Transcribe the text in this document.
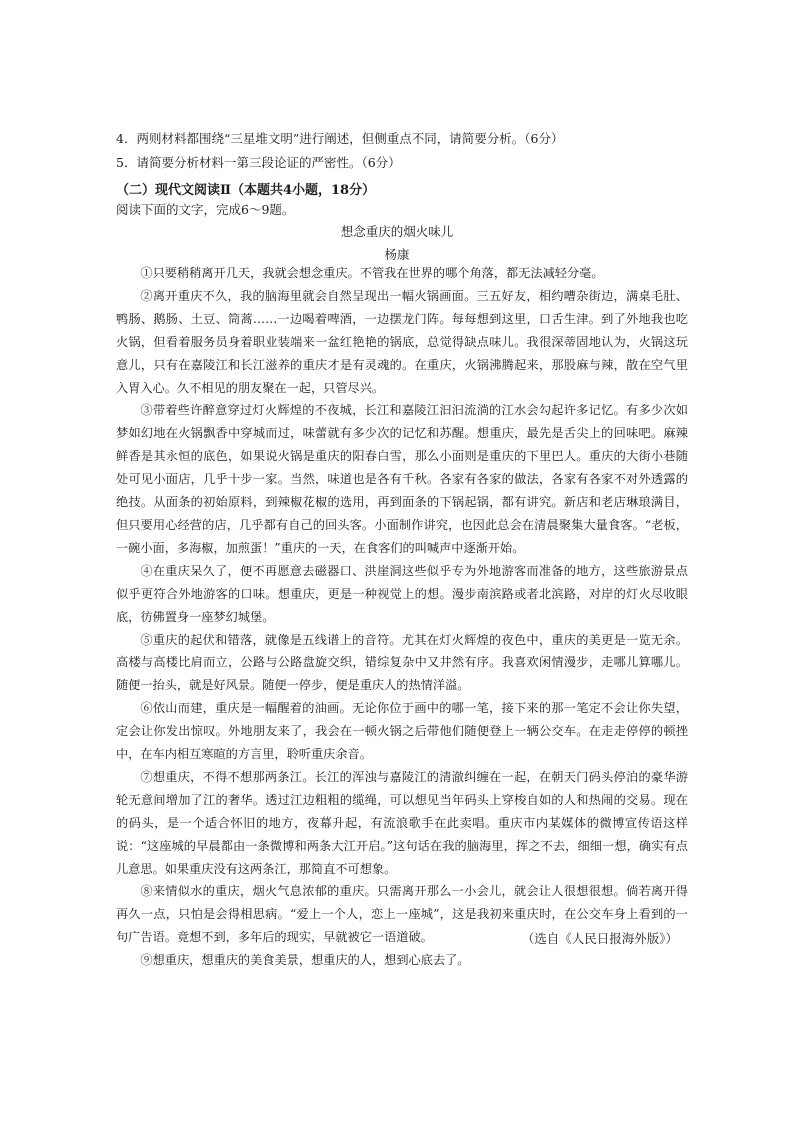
4．两则材料都围绕“三星堆文明”进行阐述，但侧重点不同，请简要分析。（6分）
5．请简要分析材料一第三段论证的严密性。（6分）
（二）现代文阅读Ⅱ（本题共4小题，18分）
阅读下面的文字，完成6～9题。
想念重庆的烟火味儿
杨康

①只要稍稍离开几天，我就会想念重庆。不管我在世界的哪个角落，都无法减轻分毫。

②离开重庆不久，我的脑海里就会自然呈现出一幅火锅画面。三五好友，相约嘈杂街边，满桌毛肚、鸭肠、鹅肠、土豆、筒蒿……一边喝着啤酒，一边摆龙门阵。每每想到这里，口舌生津。到了外地我也吃火锅，但看着服务员身着职业装端来一盆红艳艳的锅底，总觉得缺点味儿。我很深蒂固地认为，火锅这玩意儿，只有在嘉陵江和长江滋养的重庆才是有灵魂的。在重庆，火锅沸腾起来，那股麻与辣，散在空气里入胃入心。久不相见的朋友聚在一起，只管尽兴。

③带着些许醉意穿过灯火辉煌的不夜城，长江和嘉陵江汩汩流淌的江水会勾起许多记忆。有多少次如梦如幻地在火锅飘香中穿城而过，味蕾就有多少次的记忆和苏醒。想重庆，最先是舌尖上的回味吧。麻辣鲜香是其永恒的底色，如果说火锅是重庆的阳春白雪，那么小面则是重庆的下里巴人。重庆的大街小巷随处可见小面店，几乎十步一家。当然，味道也是各有千秋。各家有各家的做法，各家有各家不对外透露的绝技。从面条的初始原料，到辣椒花椒的选用，再到面条的下锅起锅，都有讲究。新店和老店琳琅满目，但只要用心经营的店，几乎都有自己的回头客。小面制作讲究，也因此总会在清晨聚集大量食客。“老板，一碗小面，多海椒，加煎蛋！”重庆的一天，在食客们的叫喊声中逐渐开始。

④在重庆呆久了，便不再愿意去磁器口、洪崖洞这些似乎专为外地游客而准备的地方，这些旅游景点似乎更符合外地游客的口味。想重庆，更是一种视觉上的想。漫步南滨路或者北滨路，对岸的灯火尽收眼底，彷佛置身一座梦幻城堡。

⑤重庆的起伏和错落，就像是五线谱上的音符。尤其在灯火辉煌的夜色中，重庆的美更是一览无余。高楼与高楼比肩而立，公路与公路盘旋交织，错综复杂中又井然有序。我喜欢闲情漫步，走哪儿算哪儿。随便一抬头，就是好风景。随便一停步，便是重庆人的热情洋溢。

⑥依山而建，重庆是一幅醒着的油画。无论你位于画中的哪一笔，接下来的那一笔定不会让你失望，定会让你发出惊叹。外地朋友来了，我会在一顿火锅之后带他们随便登上一辆公交车。在走走停停的顿挫中，在车内相互寒暄的方言里，聆听重庆余音。

⑦想重庆，不得不想那两条江。长江的浑浊与嘉陵江的清澈纠缠在一起，在朝天门码头停泊的豪华游轮无意间增加了江的奢华。透过江边粗粗的缆绳，可以想见当年码头上穿梭自如的人和热闹的交易。现在的码头，是一个适合怀旧的地方，夜幕升起，有流浪歌手在此卖唱。重庆市内某媒体的微博宣传语这样说：“这座城的早晨都由一条微博和两条大江开启。”这句话在我的脑海里，挥之不去，细细一想，确实有点儿意思。如果重庆没有这两条江，那简直不可想象。

⑧来情似水的重庆，烟火气息浓郁的重庆。只需离开那么一小会儿，就会让人很想很想。倘若离开得再久一点，只怕是会得相思病。“爱上一个人，恋上一座城”，这是我初来重庆时，在公交车身上看到的一句广告语。竟想不到，多年后的现实，早就被它一语道破。

⑨想重庆，想重庆的美食美景，想重庆的人，想到心底去了。

（选自《人民日报海外版》）
